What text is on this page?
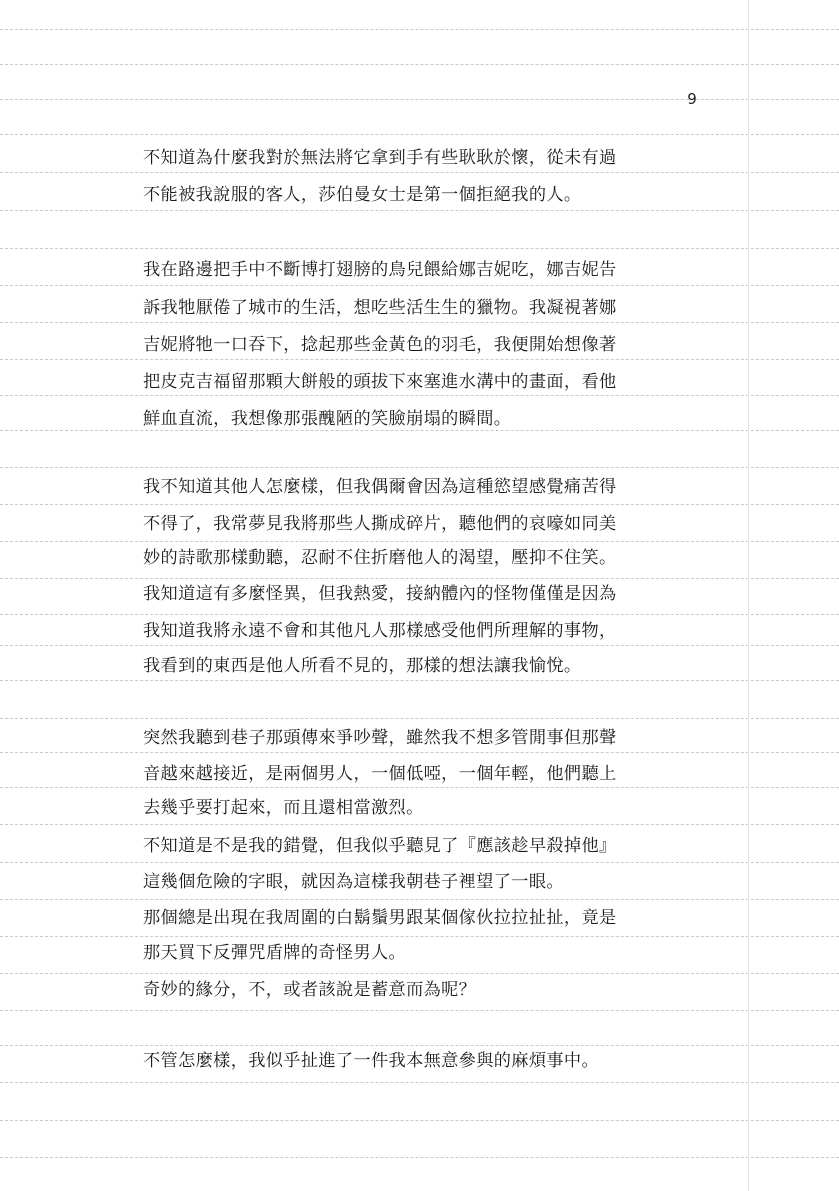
9
不知道為什麼我對於無法將它拿到手有些耿耿於懷，從未有過
不能被我說服的客人，莎伯曼女士是第一個拒絕我的人。
我在路邊把手中不斷博打翅膀的鳥兒餵給娜吉妮吃，娜吉妮告
訴我牠厭倦了城市的生活，想吃些活生生的獵物。我凝視著娜
吉妮將牠一口吞下，捻起那些金黃色的羽毛，我便開始想像著
把皮克吉福留那顆大餅般的頭拔下來塞進水溝中的畫面，看他
鮮血直流，我想像那張醜陋的笑臉崩塌的瞬間。
我不知道其他人怎麼樣，但我偶爾會因為這種慾望感覺痛苦得
不得了，我常夢見我將那些人撕成碎片，聽他們的哀嚎如同美
妙的詩歌那樣動聽，忍耐不住折磨他人的渴望，壓抑不住笑。
我知道這有多麼怪異，但我熱愛，接納體內的怪物僅僅是因為
我知道我將永遠不會和其他凡人那樣感受他們所理解的事物，
我看到的東西是他人所看不見的，那樣的想法讓我愉悅。
突然我聽到巷子那頭傳來爭吵聲，雖然我不想多管閒事但那聲
音越來越接近，是兩個男人，一個低啞，一個年輕，他們聽上
去幾乎要打起來，而且還相當激烈。
不知道是不是我的錯覺，但我似乎聽見了『應該趁早殺掉他』
這幾個危險的字眼，就因為這樣我朝巷子裡望了一眼。
那個總是出現在我周圍的白鬍鬚男跟某個傢伙拉拉扯扯，竟是
那天買下反彈咒盾牌的奇怪男人。
奇妙的緣分，不，或者該說是蓄意而為呢？
不管怎麼樣，我似乎扯進了一件我本無意參與的麻煩事中。
